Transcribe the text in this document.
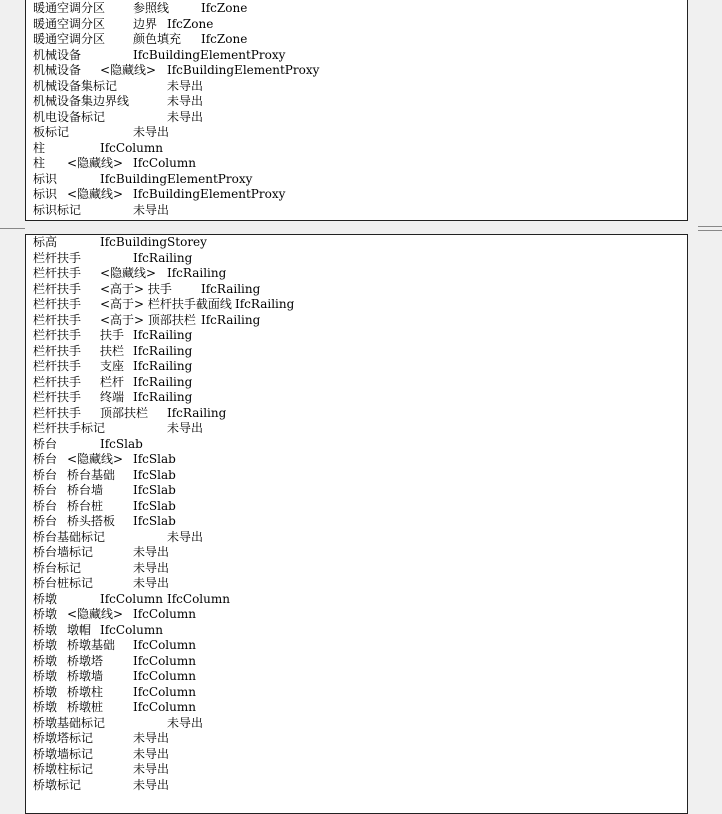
暖通空调分区 参照线	IfcZone
暖通空调分区 边界 IfcZone
暖通空调分区 颜色填充 IfcZone
机械设备	IfcBuildingElementProxy
机械设备 <隐藏线> IfcBuildingElementProxy
机械设备集标记	未导出
机械设备集边界线	未导出
机电设备标记	未导出
板标记	未导出
柱	IfcColumn
柱 <隐藏线> IfcColumn
标识	IfcBuildingElementProxy
标识 <隐藏线> IfcBuildingElementProxy
标识标记	未导出
标高	IfcBuildingStorey
栏杆扶手	IfcRailing
栏杆扶手 <隐藏线> IfcRailing
栏杆扶手 <高于> 扶手 IfcRailing
栏杆扶手 <高于> 栏杆扶手截面线 IfcRailing
栏杆扶手 <高于> 顶部扶栏 IfcRailing
栏杆扶手 扶手 IfcRailing
栏杆扶手 扶栏 IfcRailing
栏杆扶手 支座 IfcRailing
栏杆扶手 栏杆 IfcRailing
栏杆扶手 终端 IfcRailing
栏杆扶手 顶部扶栏 IfcRailing
栏杆扶手标记	未导出
桥台	IfcSlab
桥台 <隐藏线> IfcSlab
桥台 桥台基础 IfcSlab
桥台 桥台墙 IfcSlab
桥台 桥台桩 IfcSlab
桥台 桥头搭板 IfcSlab
桥台基础标记	未导出
桥台墙标记	未导出
桥台标记	未导出
桥台桩标记	未导出
桥墩	IfcColumn IfcColumn
桥墩 <隐藏线> IfcColumn
桥墩 墩帽 IfcColumn
桥墩 桥墩基础 IfcColumn
桥墩 桥墩塔 IfcColumn
桥墩 桥墩墙 IfcColumn
桥墩 桥墩柱 IfcColumn
桥墩 桥墩桩 IfcColumn
桥墩基础标记	未导出
桥墩塔标记	未导出
桥墩墙标记	未导出
桥墩柱标记	未导出
桥墩标记	未导出
